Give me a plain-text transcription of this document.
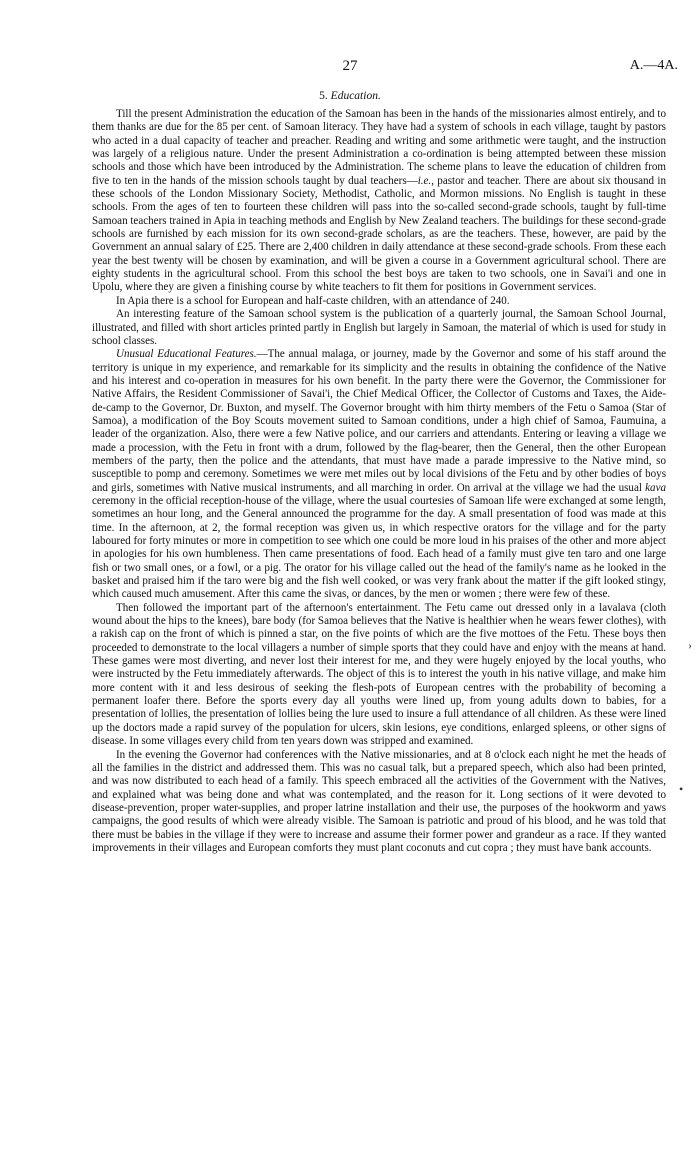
27	A.—4A.
5. Education.

Till the present Administration the education of the Samoan has been in the hands of the missionaries almost entirely, and to them thanks are due for the 85 per cent. of Samoan literacy. They have had a system of schools in each village, taught by pastors who acted in a dual capacity of teacher and preacher. Reading and writing and some arithmetic were taught, and the instruction was largely of a religious nature. Under the present Administration a co-ordination is being attempted between these mission schools and those which have been introduced by the Administration. The scheme plans to leave the education of children from five to ten in the hands of the mission schools taught by dual teachers—i.e., pastor and teacher. There are about six thousand in these schools of the London Missionary Society, Methodist, Catholic, and Mormon missions. No English is taught in these schools. From the ages of ten to fourteen these children will pass into the so-called second-grade schools, taught by full-time Samoan teachers trained in Apia in teaching methods and English by New Zealand teachers. The buildings for these second-grade schools are furnished by each mission for its own second-grade scholars, as are the teachers. These, however, are paid by the Government an annual salary of £25. There are 2,400 children in daily attendance at these second-grade schools. From these each year the best twenty will be chosen by examination, and will be given a course in a Government agricultural school. There are eighty students in the agricultural school. From this school the best boys are taken to two schools, one in Savai'i and one in Upolu, where they are given a finishing course by white teachers to fit them for positions in Government services.

In Apia there is a school for European and half-caste children, with an attendance of 240.

An interesting feature of the Samoan school system is the publication of a quarterly journal, the Samoan School Journal, illustrated, and filled with short articles printed partly in English but largely in Samoan, the material of which is used for study in school classes.

Unusual Educational Features.—The annual malaga, or journey, made by the Governor and some of his staff around the territory is unique in my experience, and remarkable for its simplicity and the results in obtaining the confidence of the Native and his interest and co-operation in measures for his own benefit. In the party there were the Governor, the Commissioner for Native Affairs, the Resident Commissioner of Savai'i, the Chief Medical Officer, the Collector of Customs and Taxes, the Aide-de-camp to the Governor, Dr. Buxton, and myself. The Governor brought with him thirty members of the Fetu o Samoa (Star of Samoa), a modification of the Boy Scouts movement suited to Samoan conditions, under a high chief of Samoa, Faumuina, a leader of the organization. Also, there were a few Native police, and our carriers and attendants. Entering or leaving a village we made a procession, with the Fetu in front with a drum, followed by the flag-bearer, then the General, then the other European members of the party, then the police and the attendants, that must have made a parade impressive to the Native mind, so susceptible to pomp and ceremony. Sometimes we were met miles out by local divisions of the Fetu and by other bodies of boys and girls, sometimes with Native musical instruments, and all marching in order. On arrival at the village we had the usual kava ceremony in the official reception-house of the village, where the usual courtesies of Samoan life were exchanged at some length, sometimes an hour long, and the General announced the programme for the day. A small presentation of food was made at this time. In the afternoon, at 2, the formal reception was given us, in which respective orators for the village and for the party laboured for forty minutes or more in competition to see which one could be more loud in his praises of the other and more abject in apologies for his own humbleness. Then came presentations of food. Each head of a family must give ten taro and one large fish or two small ones, or a fowl, or a pig. The orator for his village called out the head of the family's name as he looked in the basket and praised him if the taro were big and the fish well cooked, or was very frank about the matter if the gift looked stingy, which caused much amusement. After this came the sivas, or dances, by the men or women ; there were few of these.

Then followed the important part of the afternoon's entertainment. The Fetu came out dressed only in a lavalava (cloth wound about the hips to the knees), bare body (for Samoa believes that the Native is healthier when he wears fewer clothes), with a rakish cap on the front of which is pinned a star, on the five points of which are the five mottoes of the Fetu. These boys then proceeded to demonstrate to the local villagers a number of simple sports that they could have and enjoy with the means at hand. These games were most diverting, and never lost their interest for me, and they were hugely enjoyed by the local youths, who were instructed by the Fetu immediately afterwards. The object of this is to interest the youth in his native village, and make him more content with it and less desirous of seeking the flesh-pots of European centres with the probability of becoming a permanent loafer there. Before the sports every day all youths were lined up, from young adults down to babies, for a presentation of lollies, the presentation of lollies being the lure used to insure a full attendance of all children. As these were lined up the doctors made a rapid survey of the population for ulcers, skin lesions, eye conditions, enlarged spleens, or other signs of disease. In some villages every child from ten years down was stripped and examined.

In the evening the Governor had conferences with the Native missionaries, and at 8 o'clock each night he met the heads of all the families in the district and addressed them. This was no casual talk, but a prepared speech, which also had been printed, and was now distributed to each head of a family. This speech embraced all the activities of the Government with the Natives, and explained what was being done and what was contemplated, and the reason for it. Long sections of it were devoted to disease-prevention, proper water-supplies, and proper latrine installation and their use, the purposes of the hookworm and yaws campaigns, the good results of which were already visible. The Samoan is patriotic and proud of his blood, and he was told that there must be babies in the village if they were to increase and assume their former power and grandeur as a race. If they wanted improvements in their villages and European comforts they must plant coconuts and cut copra ; they must have bank accounts.

›
•
